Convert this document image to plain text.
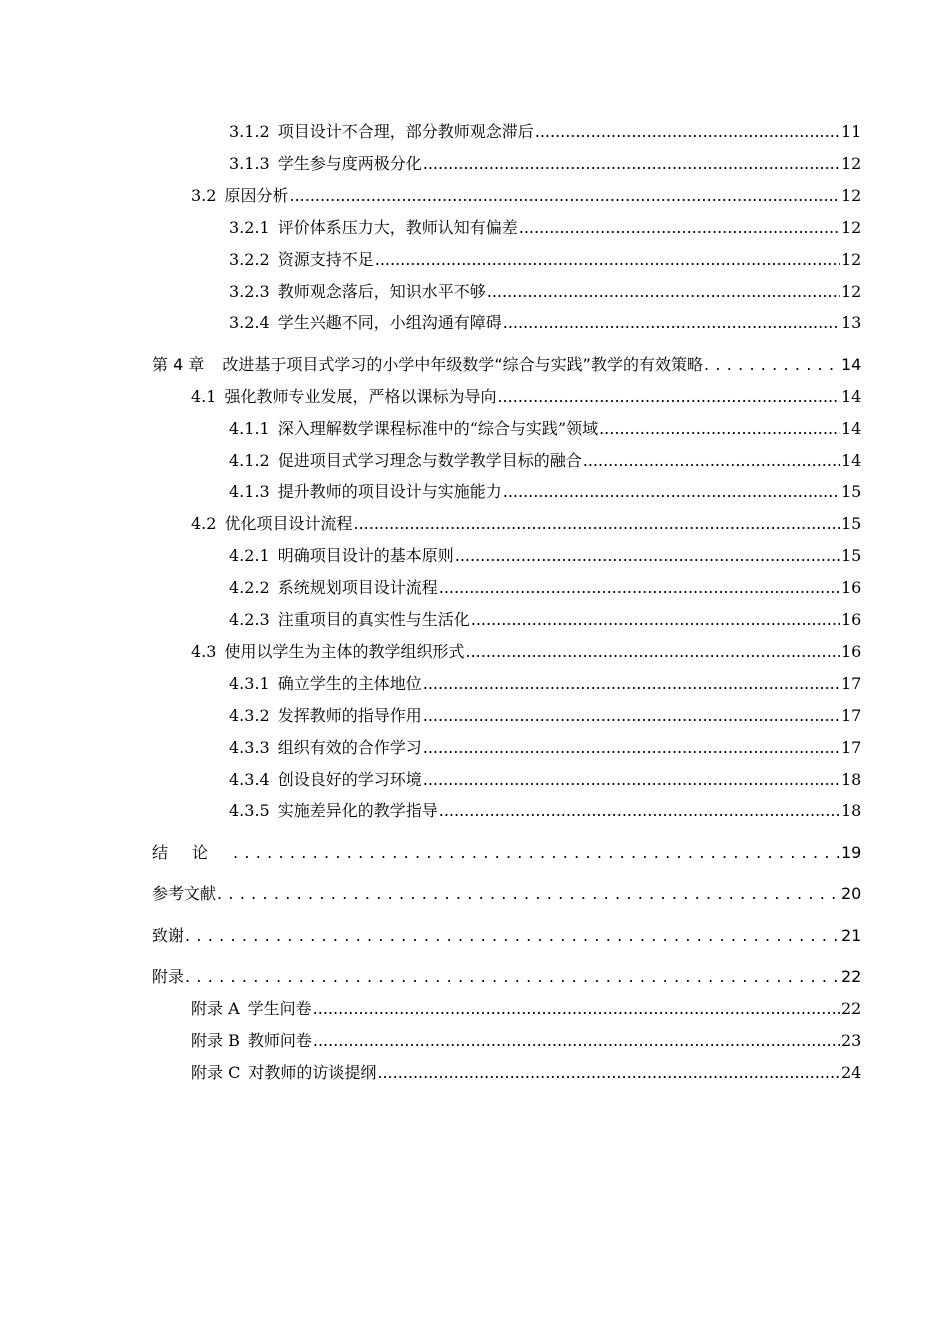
3.1.2 项目设计不合理，部分教师观念滞后 .....	11
3.1.3 学生参与度两极分化 .....	12
3.2 原因分析 .....	12
3.2.1 评价体系压力大，教师认知有偏差 .....	12
3.2.2 资源支持不足 .....	12
3.2.3 教师观念落后，知识水平不够 .....	12
3.2.4 学生兴趣不同，小组沟通有障碍 .....	13
第 4 章 改进基于项目式学习的小学中年级数学“综合与实践”教学的有效策略 . . .	14
4.1 强化教师专业发展，严格以课标为导向 .....	14
4.1.1 深入理解数学课程标准中的“综合与实践”领域 .....	14
4.1.2 促进项目式学习理念与数学教学目标的融合 .....	14
4.1.3 提升教师的项目设计与实施能力 .....	15
4.2 优化项目设计流程 .....	15
4.2.1 明确项目设计的基本原则 .....	15
4.2.2 系统规划项目设计流程 .....	16
4.2.3 注重项目的真实性与生活化 .....	16
4.3 使用以学生为主体的教学组织形式 .....	16
4.3.1 确立学生的主体地位 .....	17
4.3.2 发挥教师的指导作用 .....	17
4.3.3 组织有效的合作学习 .....	17
4.3.4 创设良好的学习环境 .....	18
4.3.5 实施差异化的教学指导 .....	18
结论 . . .	19
参考文献 . . .	20
致谢 . . .	21
附录 . . .	22
附录 A 学生问卷 .....	22
附录 B 教师问卷 .....	23
附录 C 对教师的访谈提纲 .....	24
